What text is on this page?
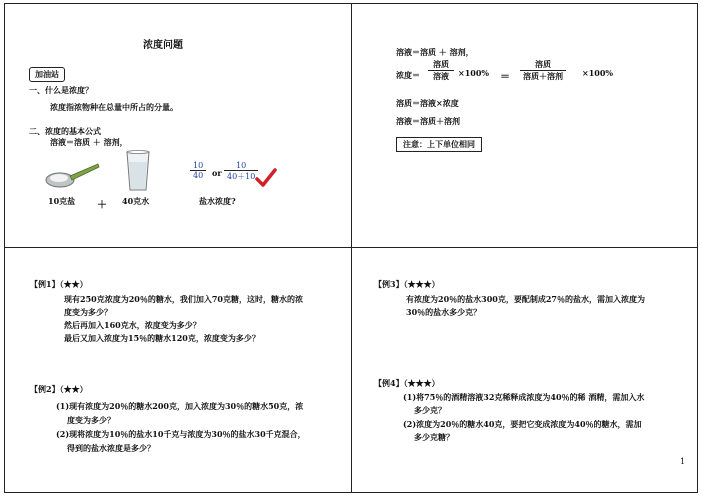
浓度问题
加油站
一、什么是浓度？
浓度指浓物种在总量中所占的分量。
二、浓度的基本公式
溶液＝溶质 ＋ 溶剂，
$\frac{10}{40}$ or $\frac{10}{40+10}$
10克盐 ＋ 40克水	盐水浓度?
溶液＝溶质 ＋ 溶剂，
浓度＝ $\frac{\text{溶质}}{\text{溶液}} \times 100\% = \frac{\text{溶质}}{\text{溶质＋溶剂}} \times 100\%$
溶质＝溶液×浓度
溶液＝溶质＋溶剂
注意：上下单位相同
【例1】（★★）
现有250克浓度为20％的糖水，我们加入70克糖，这时，糖水的浓
度变为多少？
然后再加入160克水，浓度变为多少？
最后又加入浓度为15％的糖水120克，浓度变为多少？
【例2】（★★）
(1)现有浓度为20％的糖水200克，加入浓度为30％的糖水50克，浓
度变为多少？
(2)现将浓度为10％的盐水10千克与浓度为30％的盐水30千克混合，
得到的盐水浓度是多少？
【例3】（★★★）
有浓度为20％的盐水300克，要配制成27％的盐水，需加入浓度为
30％的盐水多少克？
【例4】（★★★）
(1)将75％的酒精溶液32克稀释成浓度为40％的稀 酒精，需加入水
多少克？
(2)浓度为20％的糖水40克，要把它变成浓度为40％的糖水，需加
多少克糖？
1
